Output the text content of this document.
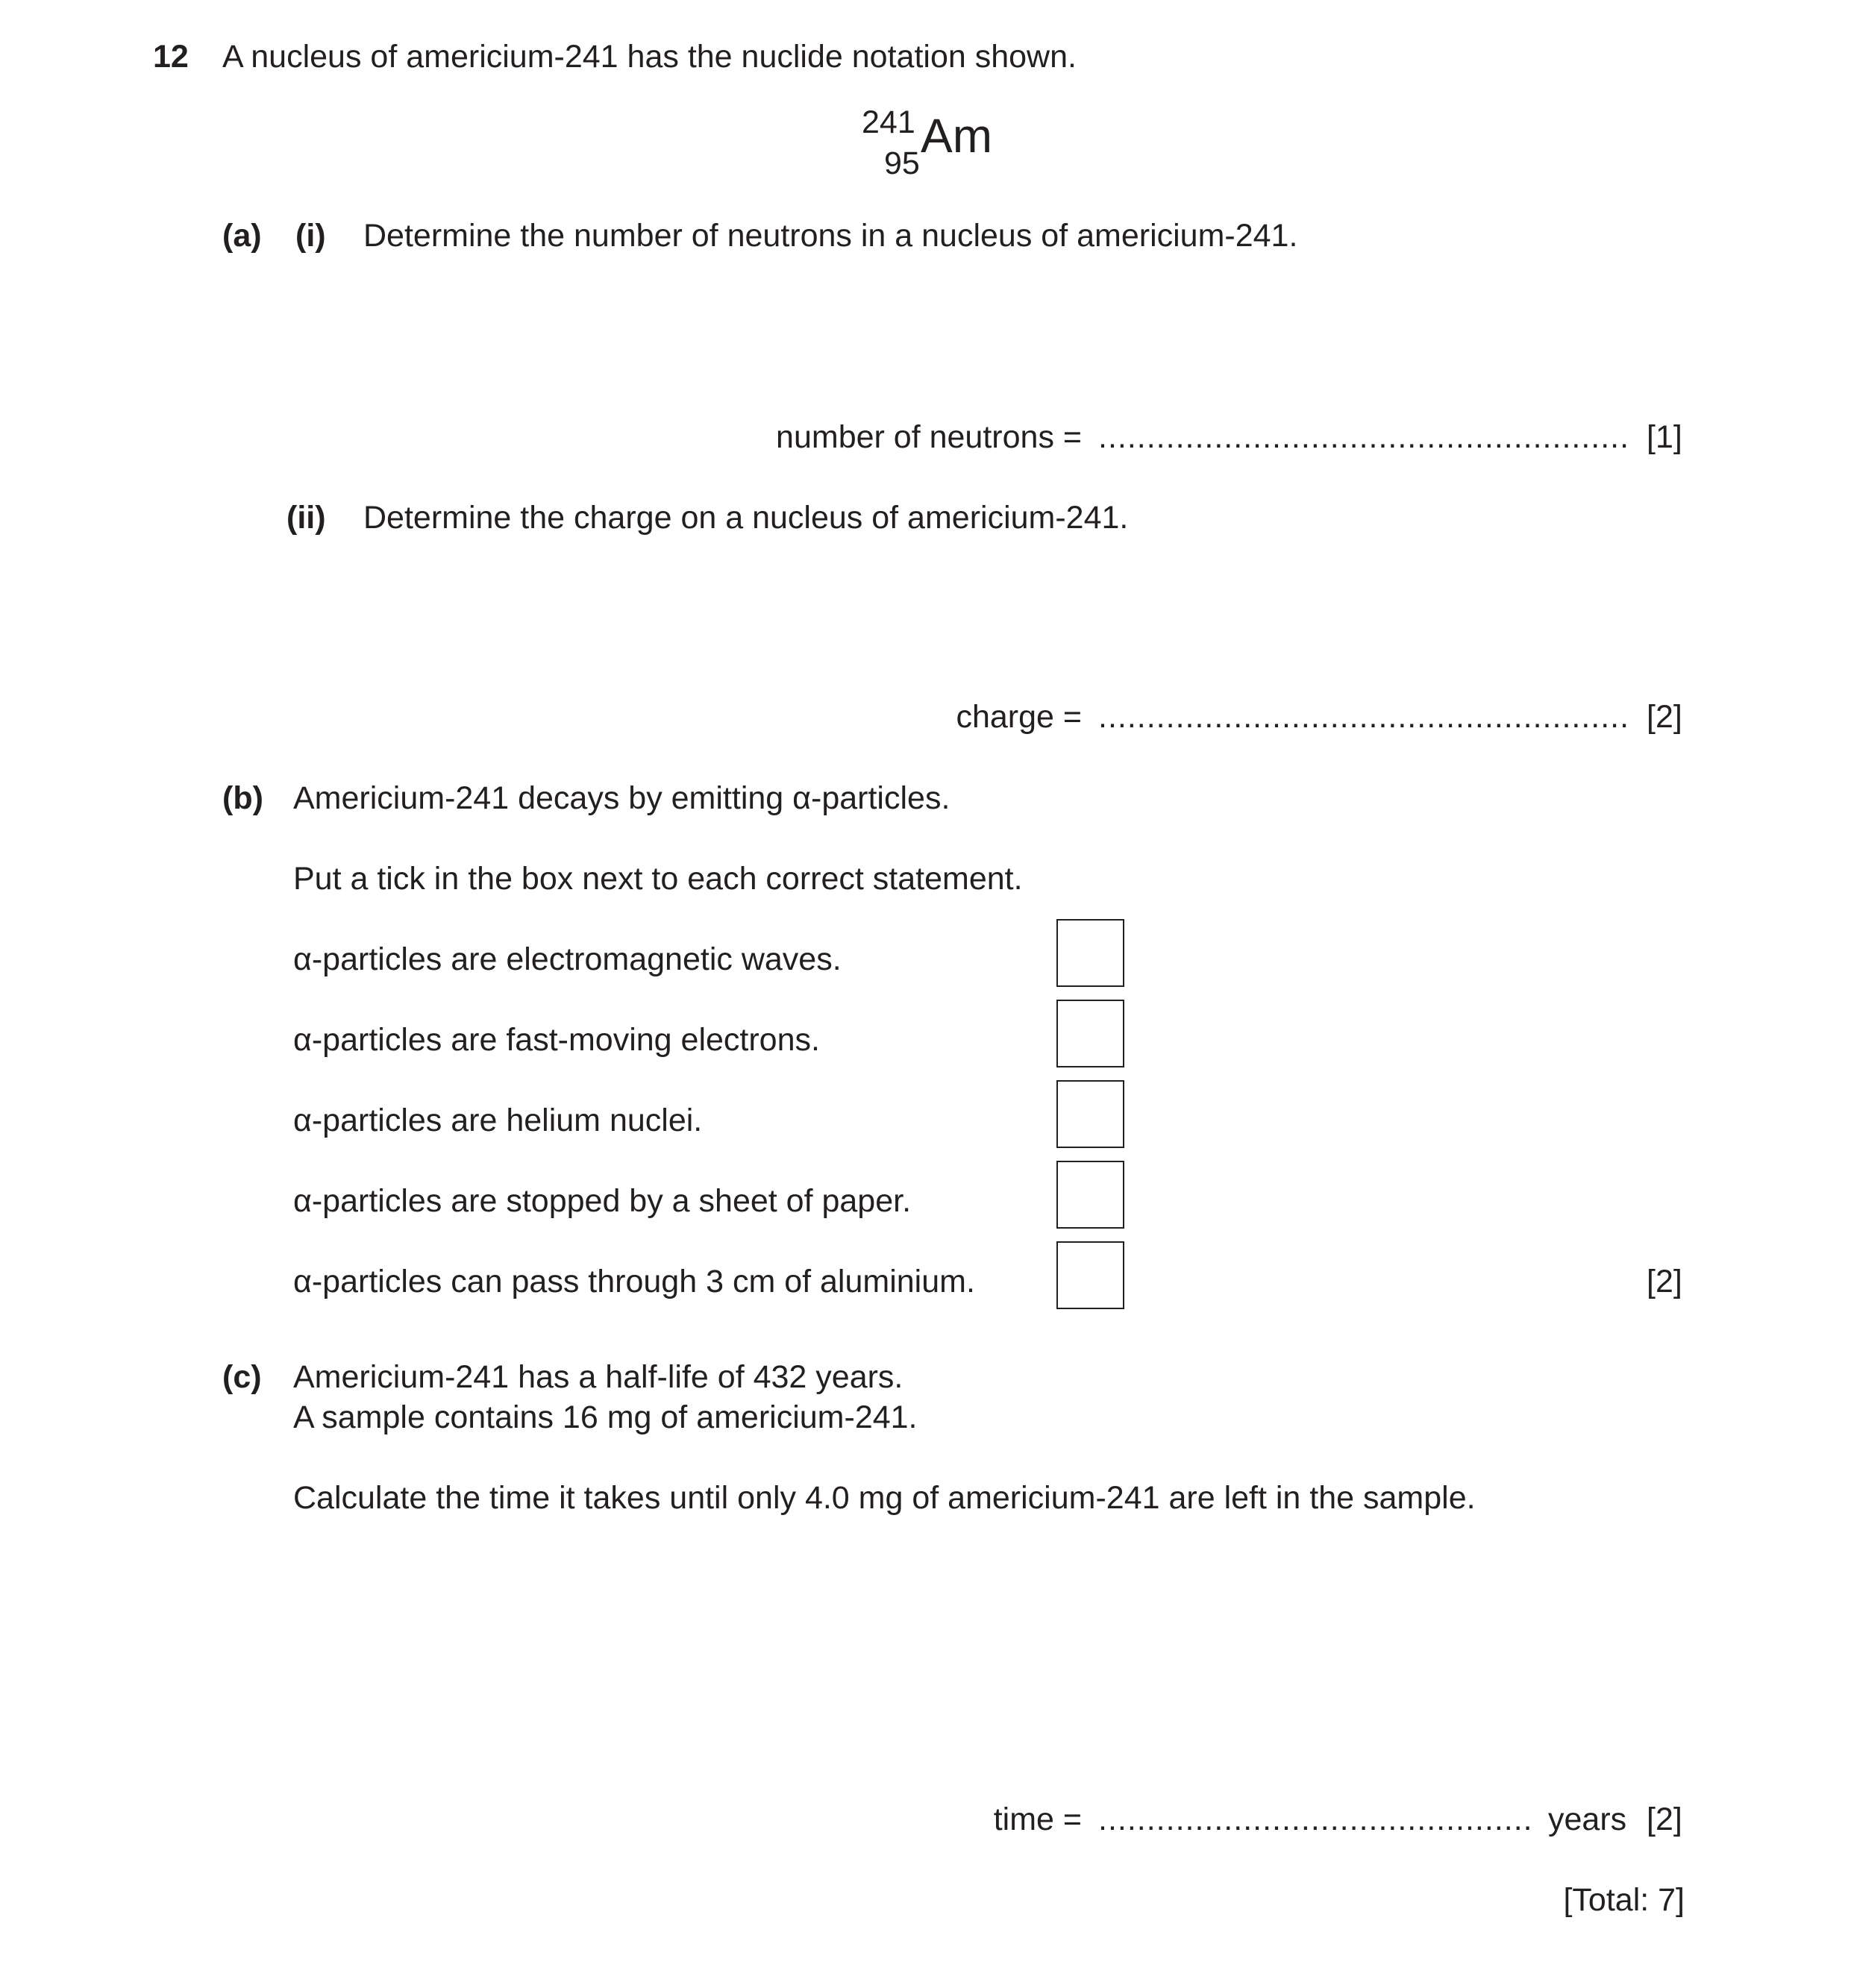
12 A nucleus of americium-241 has the nuclide notation shown.
241
95
Am
(a) (i) Determine the number of neutrons in a nucleus of americium-241.
number of neutrons = ....................................................... [1]
(ii) Determine the charge on a nucleus of americium-241.
charge = ....................................................... [2]
(b) Americium-241 decays by emitting α-particles.
Put a tick in the box next to each correct statement.
α-particles are electromagnetic waves.
α-particles are fast-moving electrons.
α-particles are helium nuclei.
α-particles are stopped by a sheet of paper.
α-particles can pass through 3 cm of aluminium.	[2]
(c) Americium-241 has a half-life of 432 years.
A sample contains 16 mg of americium-241.
Calculate the time it takes until only 4.0 mg of americium-241 are left in the sample.
time = ............................................. years [2]
[Total: 7]
